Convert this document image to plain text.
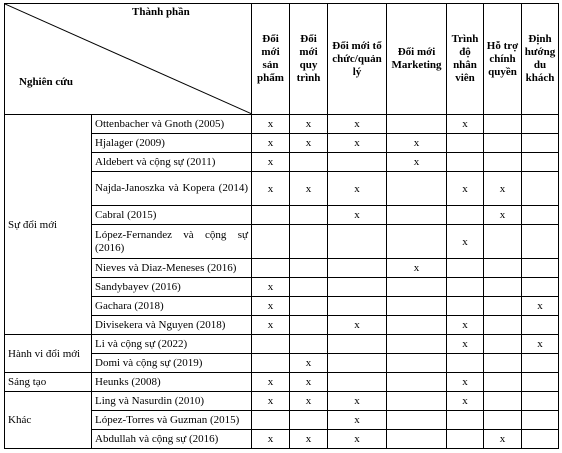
Thành phần
Nghiên cứu		Đổi mới sản phẩm	Đổi mới quy trình	Đổi mới tổ chức/quản lý	Đổi mới Marketing	Trình độ nhân viên	Hỗ trợ chính quyền	Định hướng du khách
Sự đổi mới	Ottenbacher và Gnoth (2005)	x	x	x		x		
	Hjalager (2009)	x	x	x	x			
	Aldebert và cộng sự (2011)	x			x			
	Najda-Janoszka và Kopera (2014)	x	x	x		x	x	
	Cabral (2015)			x			x	
	López-Fernandez và cộng sự (2016)					x		
	Nieves và Diaz-Meneses (2016)				x			
	Sandybayev (2016)	x						
	Gachara (2018)	x						x
	Divisekera và Nguyen (2018)	x		x		x		
Hành vi đổi mới	Li và cộng sự (2022)					x		x
	Domi và cộng sự (2019)		x					
Sáng tạo	Heunks (2008)	x	x			x		
Khác	Ling và Nasurdin (2010)	x	x	x		x		
	López-Torres và Guzman (2015)			x				
	Abdullah và cộng sự (2016)	x	x	x			x	
